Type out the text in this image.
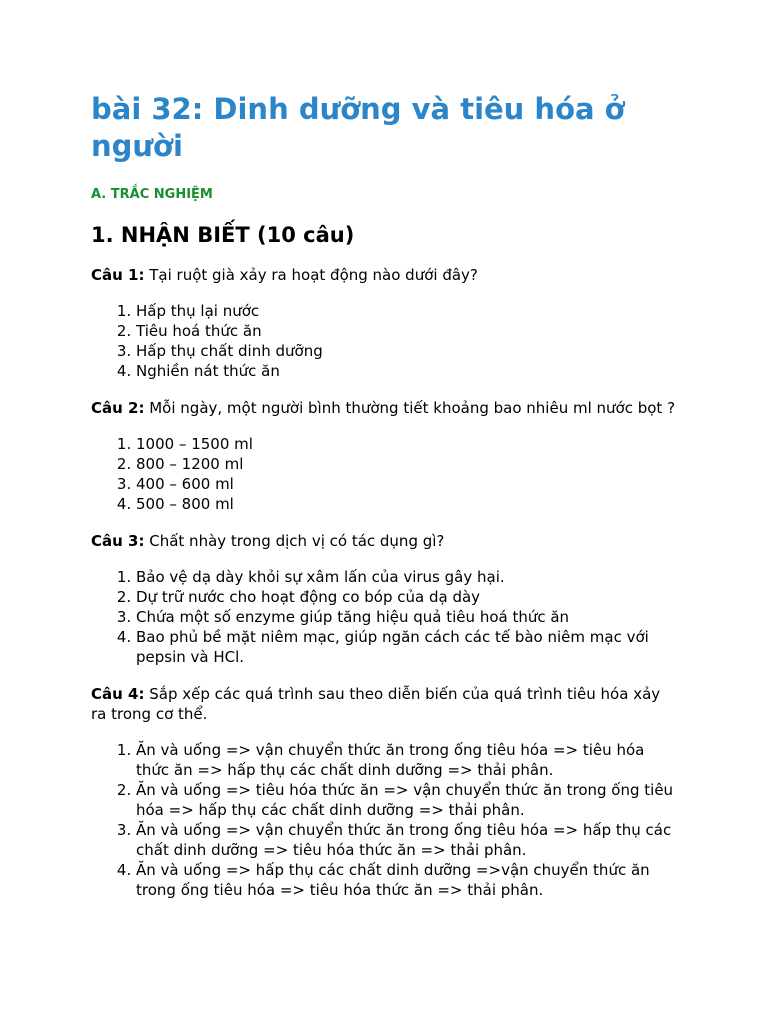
bài 32: Dinh dưỡng và tiêu hóa ở người
A. TRẮC NGHIỆM
1. NHẬN BIẾT (10 câu)

Câu 1: Tại ruột già xảy ra hoạt động nào dưới đây?

1. Hấp thụ lại nước
2. Tiêu hoá thức ăn
3. Hấp thụ chất dinh dưỡng
4. Nghiền nát thức ăn

Câu 2: Mỗi ngày, một người bình thường tiết khoảng bao nhiêu ml nước bọt ?

1. 1000 – 1500 ml
2. 800 – 1200 ml
3. 400 – 600 ml
4. 500 – 800 ml

Câu 3: Chất nhày trong dịch vị có tác dụng gì?

1. Bảo vệ dạ dày khỏi sự xâm lấn của virus gây hại.
2. Dự trữ nước cho hoạt động co bóp của dạ dày
3. Chứa một số enzyme giúp tăng hiệu quả tiêu hoá thức ăn
4. Bao phủ bề mặt niêm mạc, giúp ngăn cách các tế bào niêm mạc với pepsin và HCl.

Câu 4: Sắp xếp các quá trình sau theo diễn biến của quá trình tiêu hóa xảy ra trong cơ thể.

1. Ăn và uống => vận chuyển thức ăn trong ống tiêu hóa => tiêu hóa thức ăn => hấp thụ các chất dinh dưỡng => thải phân.
2. Ăn và uống => tiêu hóa thức ăn => vận chuyển thức ăn trong ống tiêu hóa => hấp thụ các chất dinh dưỡng => thải phân.
3. Ăn và uống => vận chuyển thức ăn trong ống tiêu hóa => hấp thụ các chất dinh dưỡng => tiêu hóa thức ăn => thải phân.
4. Ăn và uống => hấp thụ các chất dinh dưỡng =>vận chuyển thức ăn trong ống tiêu hóa => tiêu hóa thức ăn => thải phân.
